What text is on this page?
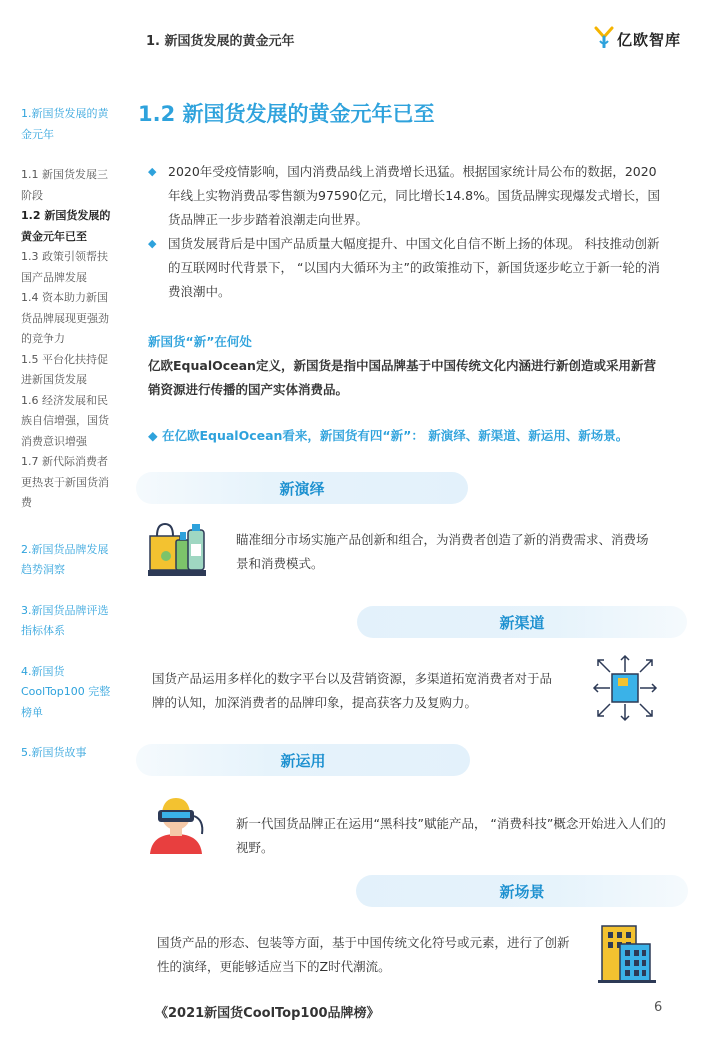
1. 新国货发展的黄金元年	亿欧智库
1.新国货发展的黄金元年
1.1 新国货发展三阶段
1.2 新国货发展的黄金元年已至
1.3 政策引领帮扶国产品牌发展
1.4 资本助力新国货品牌展现更强劲的竞争力
1.5 平台化扶持促进新国货发展
1.6 经济发展和民族自信增强，国货消费意识增强
1.7 新代际消费者更热衷于新国货消费
2.新国货品牌发展趋势洞察
3.新国货品牌评选指标体系
4.新国货 CoolTop100 完整榜单
5.新国货故事
1.2 新国货发展的黄金元年已至
◆ 2020年受疫情影响，国内消费品线上消费增长迅猛。根据国家统计局公布的数据，2020年线上实物消费品零售额为97590亿元，同比增长14.8%。国货品牌实现爆发式增长，国货品牌正一步步踏着浪潮走向世界。
◆ 国货发展背后是中国产品质量大幅度提升、中国文化自信不断上扬的体现。 科技推动创新的互联网时代背景下， “以国内大循环为主”的政策推动下，新国货逐步屹立于新一轮的消费浪潮中。
新国货“新”在何处
亿欧EqualOcean定义，新国货是指中国品牌基于中国传统文化内涵进行新创造或采用新营销资源进行传播的国产实体消费品。
◆ 在亿欧EqualOcean看来，新国货有四“新”： 新演绎、新渠道、新运用、新场景。
新演绎
瞄准细分市场实施产品创新和组合，为消费者创造了新的消费需求、消费场景和消费模式。
新渠道
国货产品运用多样化的数字平台以及营销资源，多渠道拓宽消费者对于品牌的认知，加深消费者的品牌印象，提高获客力及复购力。
新运用
新一代国货品牌正在运用“黑科技”赋能产品， “消费科技”概念开始进入人们的视野。
新场景
国货产品的形态、包装等方面，基于中国传统文化符号或元素，进行了创新性的演绎，更能够适应当下的Z时代潮流。
《2021新国货CoolTop100品牌榜》	6
